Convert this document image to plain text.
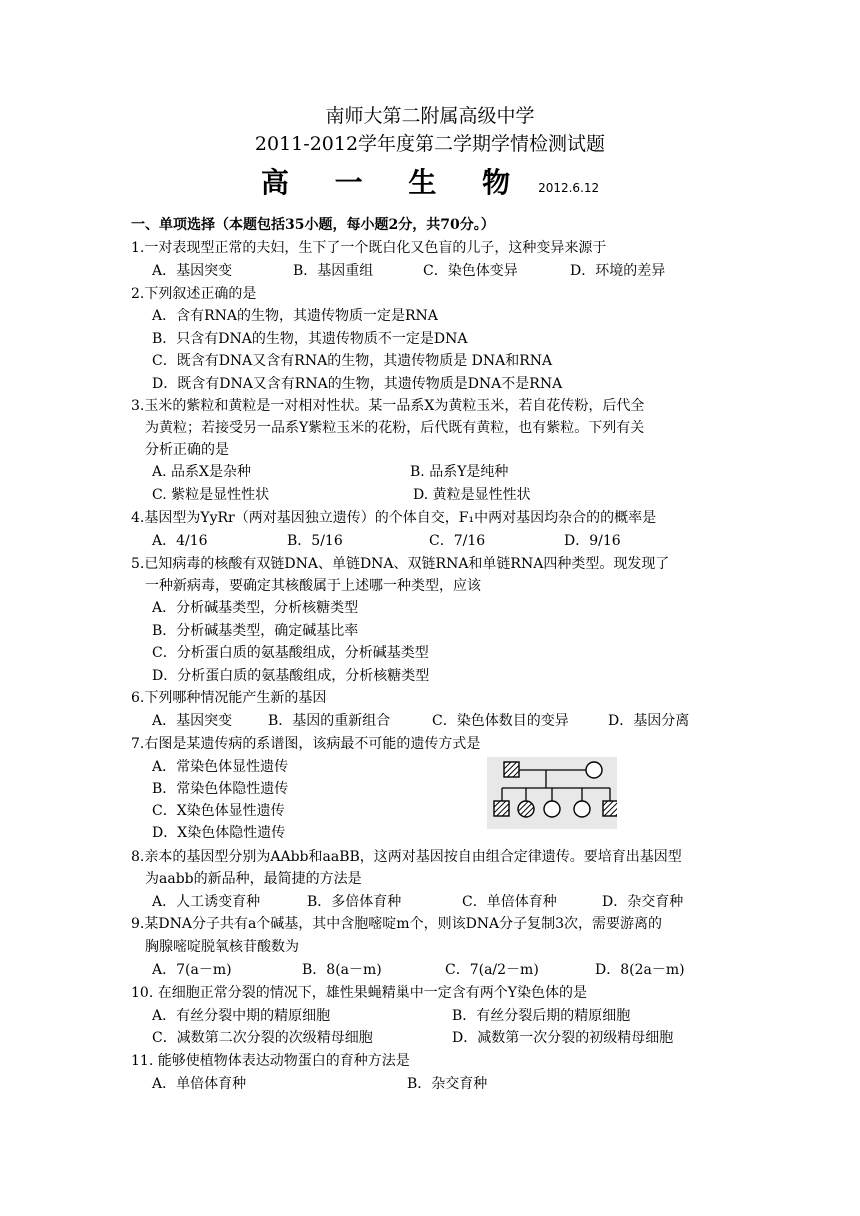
南师大第二附属高级中学
2011-2012学年度第二学期学情检测试题
高 一 生 物 2012.6.12
一、单项选择（本题包括35小题，每小题2分，共70分。）
1.一对表现型正常的夫妇，生下了一个既白化又色盲的儿子，这种变异来源于
A．基因突变	B．基因重组	C．染色体变异	D．环境的差异
2.下列叙述正确的是
A．含有RNA的生物，其遗传物质一定是RNA
B．只含有DNA的生物，其遗传物质不一定是DNA
C．既含有DNA又含有RNA的生物，其遗传物质是 DNA和RNA
D．既含有DNA又含有RNA的生物，其遗传物质是DNA不是RNA
3.玉米的紫粒和黄粒是一对相对性状。某一品系X为黄粒玉米，若自花传粉，后代全
为黄粒；若接受另一品系Y紫粒玉米的花粉，后代既有黄粒，也有紫粒。下列有关
分析正确的是
A. 品系X是杂种	B. 品系Y是纯种
C. 紫粒是显性性状	D. 黄粒是显性性状
4.基因型为YyRr（两对基因独立遗传）的个体自交，F₁中两对基因均杂合的的概率是
A．4/16	B．5/16	C．7/16	D．9/16
5.已知病毒的核酸有双链DNA、单链DNA、双链RNA和单链RNA四种类型。现发现了
一种新病毒，要确定其核酸属于上述哪一种类型，应该
A．分析碱基类型，分析核糖类型
B．分析碱基类型，确定碱基比率
C．分析蛋白质的氨基酸组成，分析碱基类型
D．分析蛋白质的氨基酸组成，分析核糖类型
6.下列哪种情况能产生新的基因
A．基因突变	B．基因的重新组合	C．染色体数目的变异	D．基因分离
7.右图是某遗传病的系谱图，该病最不可能的遗传方式是
A．常染色体显性遗传
B．常染色体隐性遗传
C．X染色体显性遗传
D．X染色体隐性遗传
8.亲本的基因型分别为AAbb和aaBB，这两对基因按自由组合定律遗传。要培育出基因型
为aabb的新品种，最简捷的方法是
A．人工诱变育种	B．多倍体育种	C．单倍体育种	D．杂交育种
9.某DNA分子共有a个碱基，其中含胞嘧啶m个，则该DNA分子复制3次，需要游离的
胸腺嘧啶脱氧核苷酸数为
A．7(a－m)	B．8(a－m)	C．7(a/2－m)	D．8(2a－m)
10. 在细胞正常分裂的情况下，雄性果蝇精巢中一定含有两个Y染色体的是
A．有丝分裂中期的精原细胞	B．有丝分裂后期的精原细胞
C．减数第二次分裂的次级精母细胞	D．减数第一次分裂的初级精母细胞
11. 能够使植物体表达动物蛋白的育种方法是
A．单倍体育种	B．杂交育种
